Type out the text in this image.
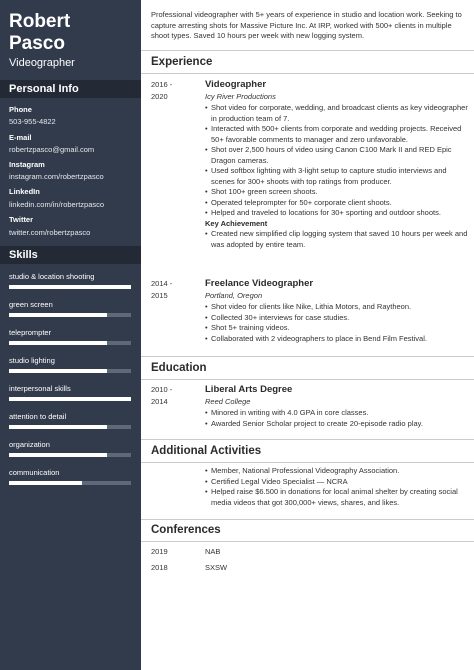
Robert
Pasco
Videographer
Personal Info
Phone
503-955-4822
E-mail
robertzpasco@gmail.com
Instagram
instagram.com/robertzpasco
LinkedIn
linkedin.com/in/robertzpasco
Twitter
twitter.com/robertzpasco
Skills
studio & location shooting
green screen
teleprompter
studio lighting
interpersonal skills
attention to detail
organization
communication

Professional videographer with 5+ years of experience in studio and location work. Seeking to capture arresting shots for Massive Picture Inc. At IRP, worked with 500+ clients in multiple shoot types. Saved 10 hours per week with new logging system.

Experience
2016 -
2020
Videographer
Icy River Productions
• Shot video for corporate, wedding, and broadcast clients as key videographer in production team of 7.
• Interacted with 500+ clients from corporate and wedding projects. Received 50+ favorable comments to manager and zero unfavorable.
• Shot over 2,500 hours of video using Canon C100 Mark II and RED Epic Dragon cameras.
• Used softbox lighting with 3-light setup to capture studio interviews and scenes for 300+ shoots with top ratings from producer.
• Shot 100+ green screen shoots.
• Operated teleprompter for 50+ corporate client shoots.
• Helped and traveled to locations for 30+ sporting and outdoor shoots.
Key Achievement
• Created new simplified clip logging system that saved 10 hours per week and was adopted by entire team.
2014 -
2015
Freelance Videographer
Portland, Oregon
• Shot video for clients like Nike, Lithia Motors, and Raytheon.
• Collected 30+ interviews for case studies.
• Shot 5+ training videos.
• Collaborated with 2 videographers to place in Bend Film Festival.
Education
2010 -
2014
Liberal Arts Degree
Reed College
• Minored in writing with 4.0 GPA in core classes.
• Awarded Senior Scholar project to create 20-episode radio play.
Additional Activities
• Member, National Professional Videography Association.
• Certified Legal Video Specialist — NCRA
• Helped raise $6.500 in donations for local animal shelter by creating social media videos that got 300,000+ views, shares, and likes.
Conferences
2019	NAB
2018	SXSW
